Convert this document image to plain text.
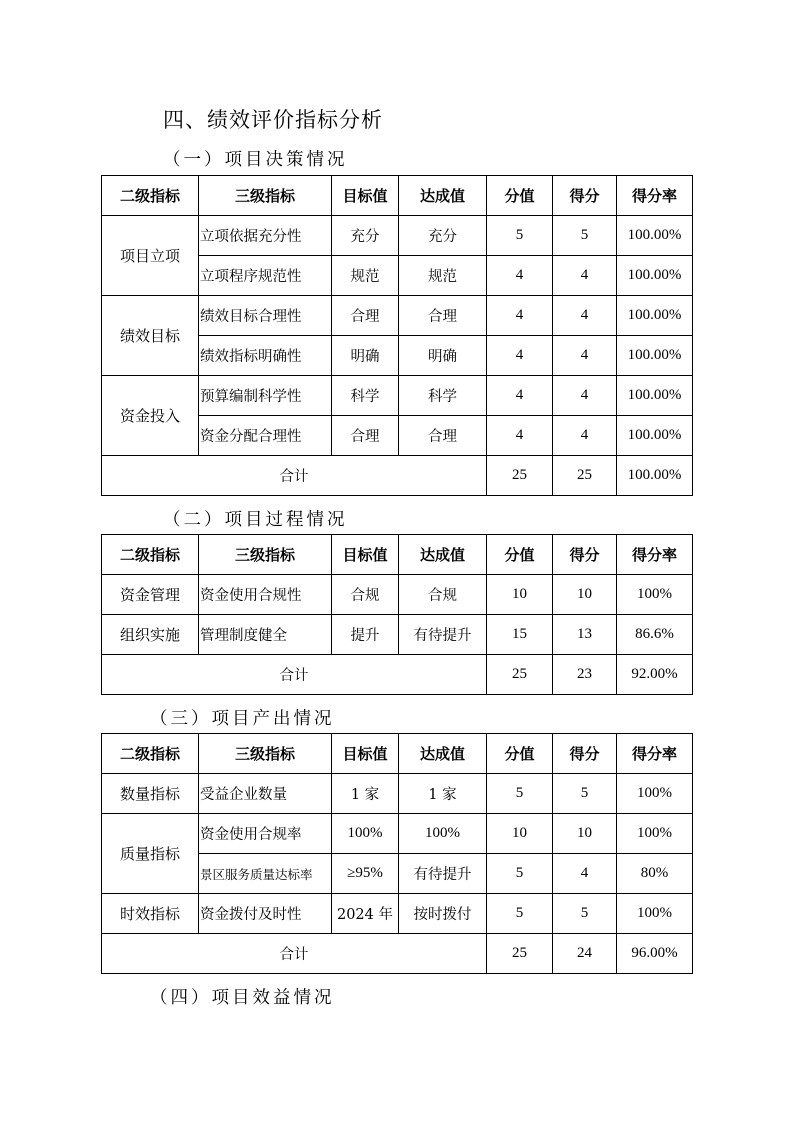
四、绩效评价指标分析
（一）项目决策情况
二级指标	三级指标	目标值	达成值	分值	得分	得分率
项目立项	立项依据充分性	充分	充分	5	5	100.00%
	立项程序规范性	规范	规范	4	4	100.00%
绩效目标	绩效目标合理性	合理	合理	4	4	100.00%
	绩效指标明确性	明确	明确	4	4	100.00%
资金投入	预算编制科学性	科学	科学	4	4	100.00%
	资金分配合理性	合理	合理	4	4	100.00%
合计				25	25	100.00%
（二）项目过程情况
二级指标	三级指标	目标值	达成值	分值	得分	得分率
资金管理	资金使用合规性	合规	合规	10	10	100%
组织实施	管理制度健全	提升	有待提升	15	13	86.6%
合计				25	23	92.00%
（三）项目产出情况
二级指标	三级指标	目标值	达成值	分值	得分	得分率
数量指标	受益企业数量	1 家	1 家	5	5	100%
质量指标	资金使用合规率	100%	100%	10	10	100%
	景区服务质量达标率	≥95%	有待提升	5	4	80%
时效指标	资金拨付及时性	2024 年	按时拨付	5	5	100%
合计				25	24	96.00%
（四）项目效益情况
